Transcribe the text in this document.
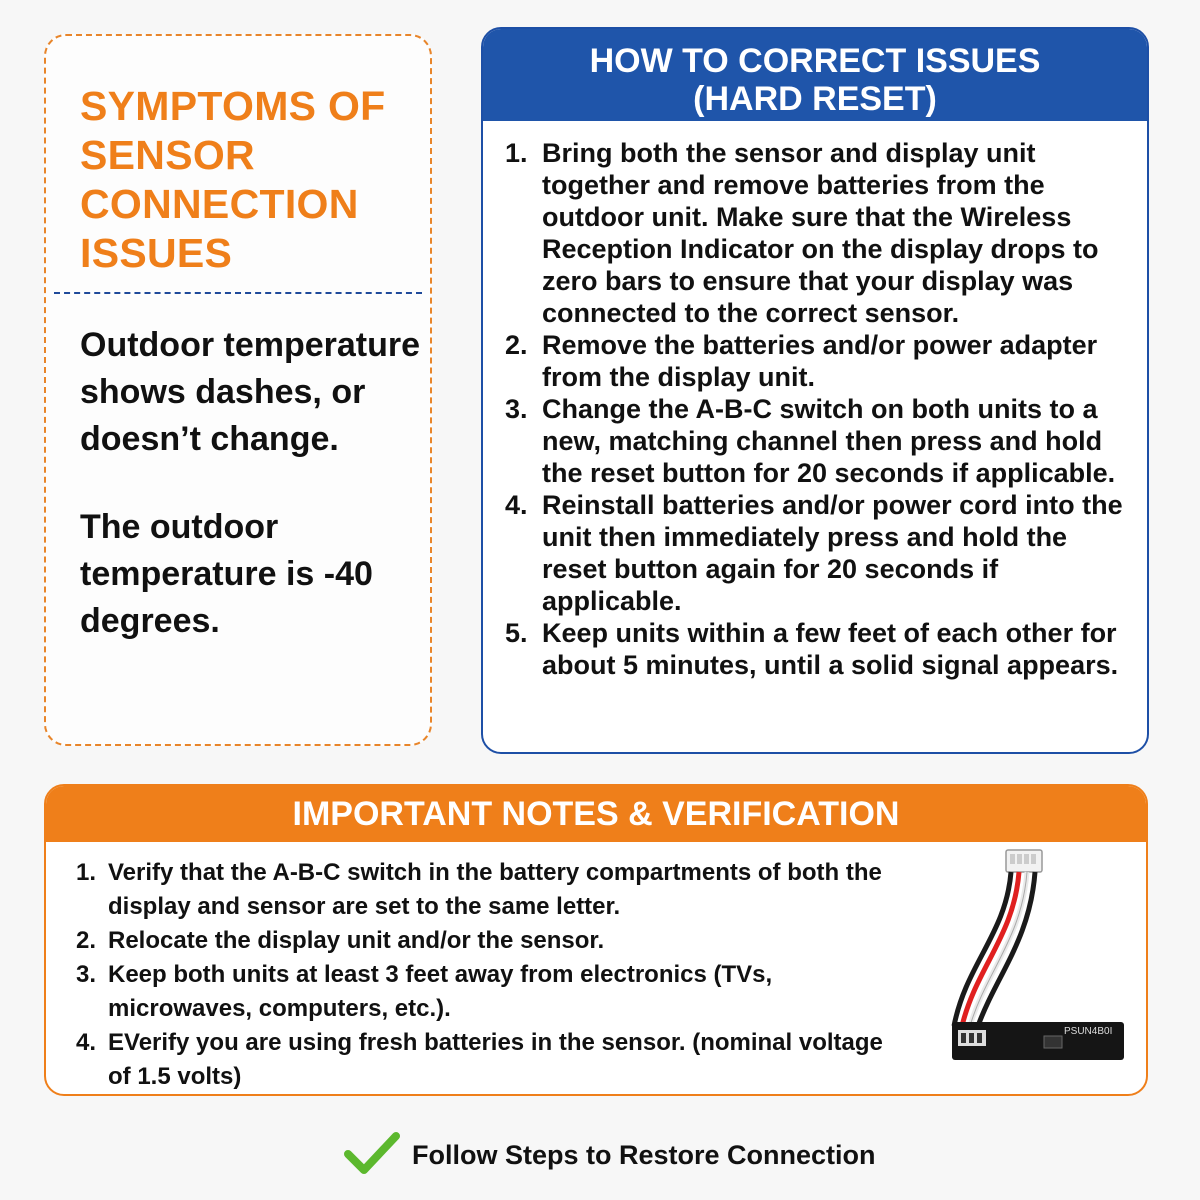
SYMPTOMS OF SENSOR CONNECTION ISSUES

Outdoor temperature shows dashes, or doesn’t change.

The outdoor temperature is -40 degrees.

HOW TO CORRECT ISSUES
(HARD RESET)
1. Bring both the sensor and display unit together and remove batteries from the outdoor unit. Make sure that the Wireless Reception Indicator on the display drops to zero bars to ensure that your display was connected to the correct sensor.
2. Remove the batteries and/or power adapter from the display unit.
3. Change the A-B-C switch on both units to a new, matching channel then press and hold the reset button for 20 seconds if applicable.
4. Reinstall batteries and/or power cord into the unit then immediately press and hold the reset button again for 20 seconds if applicable.
5. Keep units within a few feet of each other for about 5 minutes, until a solid signal appears.
IMPORTANT NOTES & VERIFICATION
1. Verify that the A-B-C switch in the battery compartments of both the display and sensor are set to the same letter.
2. Relocate the display unit and/or the sensor.
3. Keep both units at least 3 feet away from electronics (TVs, microwaves, computers, etc.).
4. EVerify you are using fresh batteries in the sensor. (nominal voltage of 1.5 volts)
PSUN4B0I
Follow Steps to Restore Connection
